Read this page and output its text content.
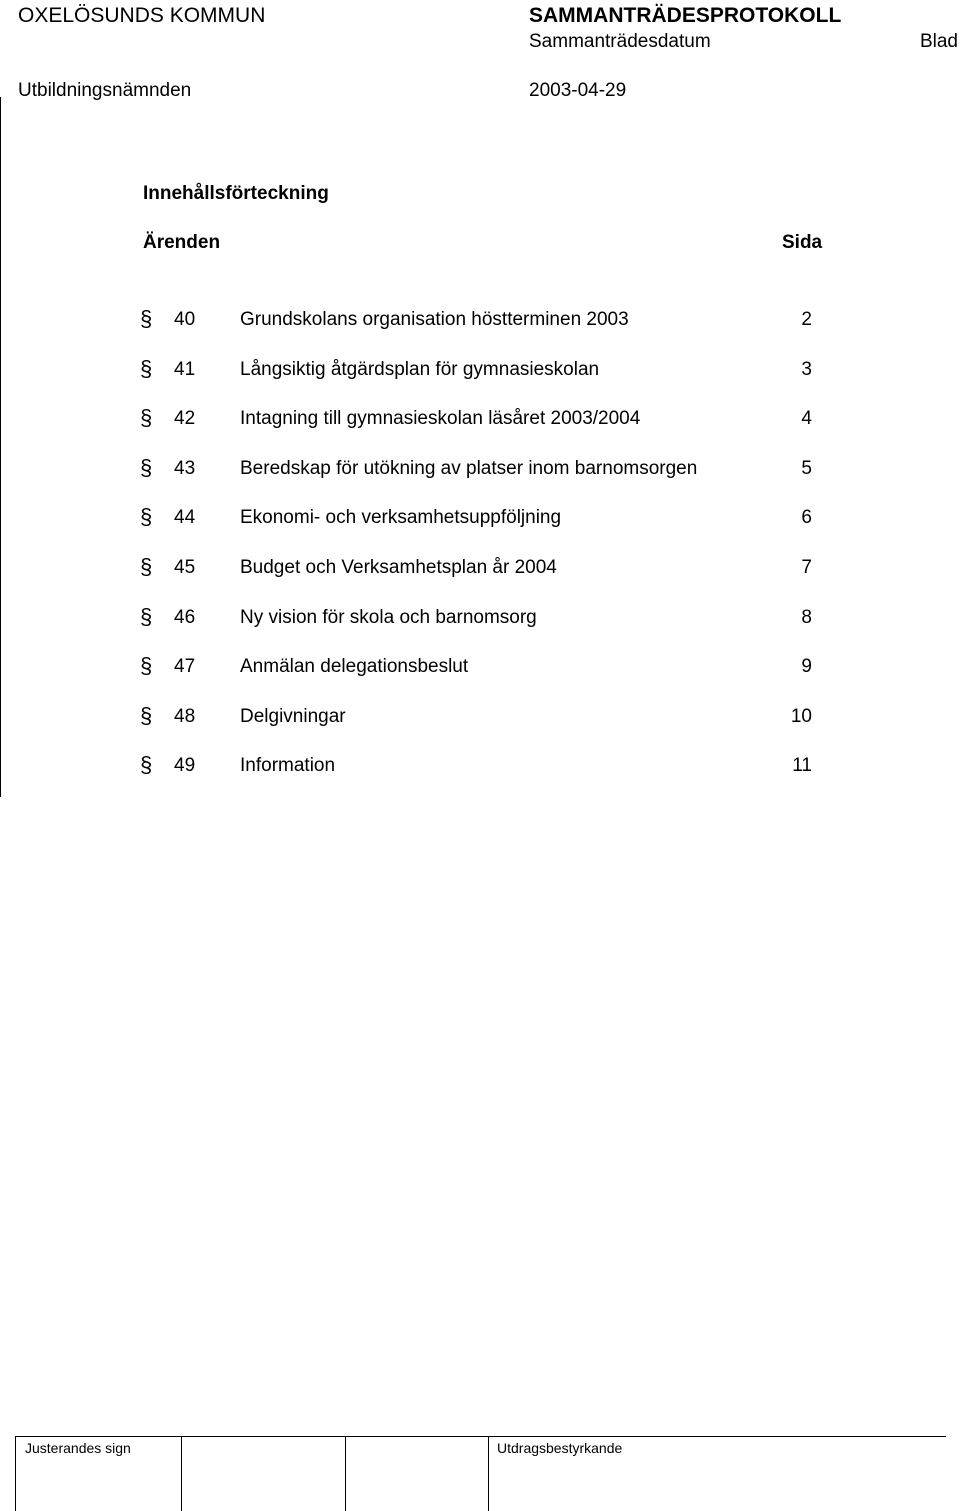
OXELÖSUNDS KOMMUN	SAMMANTRÄDESPROTOKOLL
Sammanträdesdatum	Blad
Utbildningsnämnden	2003-04-29
Innehållsförteckning
Ärenden	Sida
§ 40 Grundskolans organisation höstterminen 2003	2
§ 41 Långsiktig åtgärdsplan för gymnasieskolan	3
§ 42 Intagning till gymnasieskolan läsåret 2003/2004	4
§ 43 Beredskap för utökning av platser inom barnomsorgen	5
§ 44 Ekonomi- och verksamhetsuppföljning	6
§ 45 Budget och Verksamhetsplan år 2004	7
§ 46 Ny vision för skola och barnomsorg	8
§ 47 Anmälan delegationsbeslut	9
§ 48 Delgivningar	10
§ 49 Information	11
Justerandes sign	Utdragsbestyrkande
